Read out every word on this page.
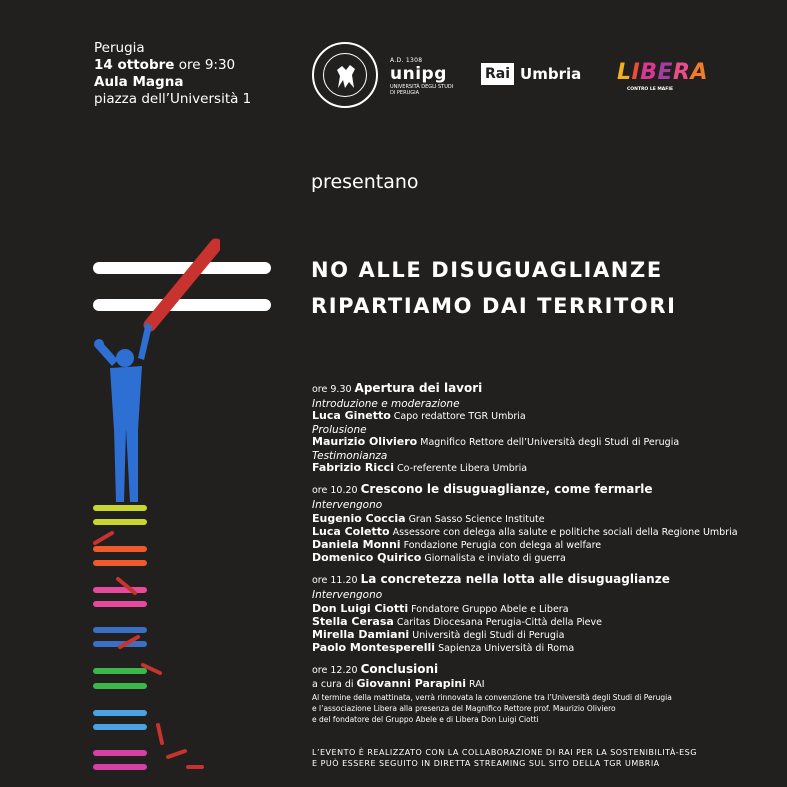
Perugia
14 ottobre ore 9:30
Aula Magna
piazza dell’Università 1
A.D. 1308
unipg
UNIVERSITÀ DEGLI STUDI DI PERUGIA
Rai Umbria LIBERA
CONTRO LE MAFIE
presentano
NO ALLE DISUGUAGLIANZE
RIPARTIAMO DAI TERRITORI
ore 9.30 Apertura dei lavori
Introduzione e moderazione
Luca Ginetto Capo redattore TGR Umbria
Prolusione
Maurizio Oliviero Magnifico Rettore dell’Università degli Studi di Perugia
Testimonianza
Fabrizio Ricci Co-referente Libera Umbria
ore 10.20 Crescono le disuguaglianze, come fermarle
Intervengono
Eugenio Coccia Gran Sasso Science Institute
Luca Coletto Assessore con delega alla salute e politiche sociali della Regione Umbria
Daniela Monni Fondazione Perugia con delega al welfare
Domenico Quirico Giornalista e inviato di guerra
ore 11.20 La concretezza nella lotta alle disuguaglianze
Intervengono
Don Luigi Ciotti Fondatore Gruppo Abele e Libera
Stella Cerasa Caritas Diocesana Perugia-Città della Pieve
Mirella Damiani Università degli Studi di Perugia
Paolo Montesperelli Sapienza Università di Roma
ore 12.20 Conclusioni
a cura di Giovanni Parapini RAI
Al termine della mattinata, verrà rinnovata la convenzione tra l’Università degli Studi di Perugia
e l’associazione Libera alla presenza del Magnifico Rettore prof. Maurizio Oliviero
e del fondatore del Gruppo Abele e di Libera Don Luigi Ciotti
L’EVENTO È REALIZZATO CON LA COLLABORAZIONE DI RAI PER LA SOSTENIBILITÀ-ESG
E PUÒ ESSERE SEGUITO IN DIRETTA STREAMING SUL SITO DELLA TGR UMBRIA
